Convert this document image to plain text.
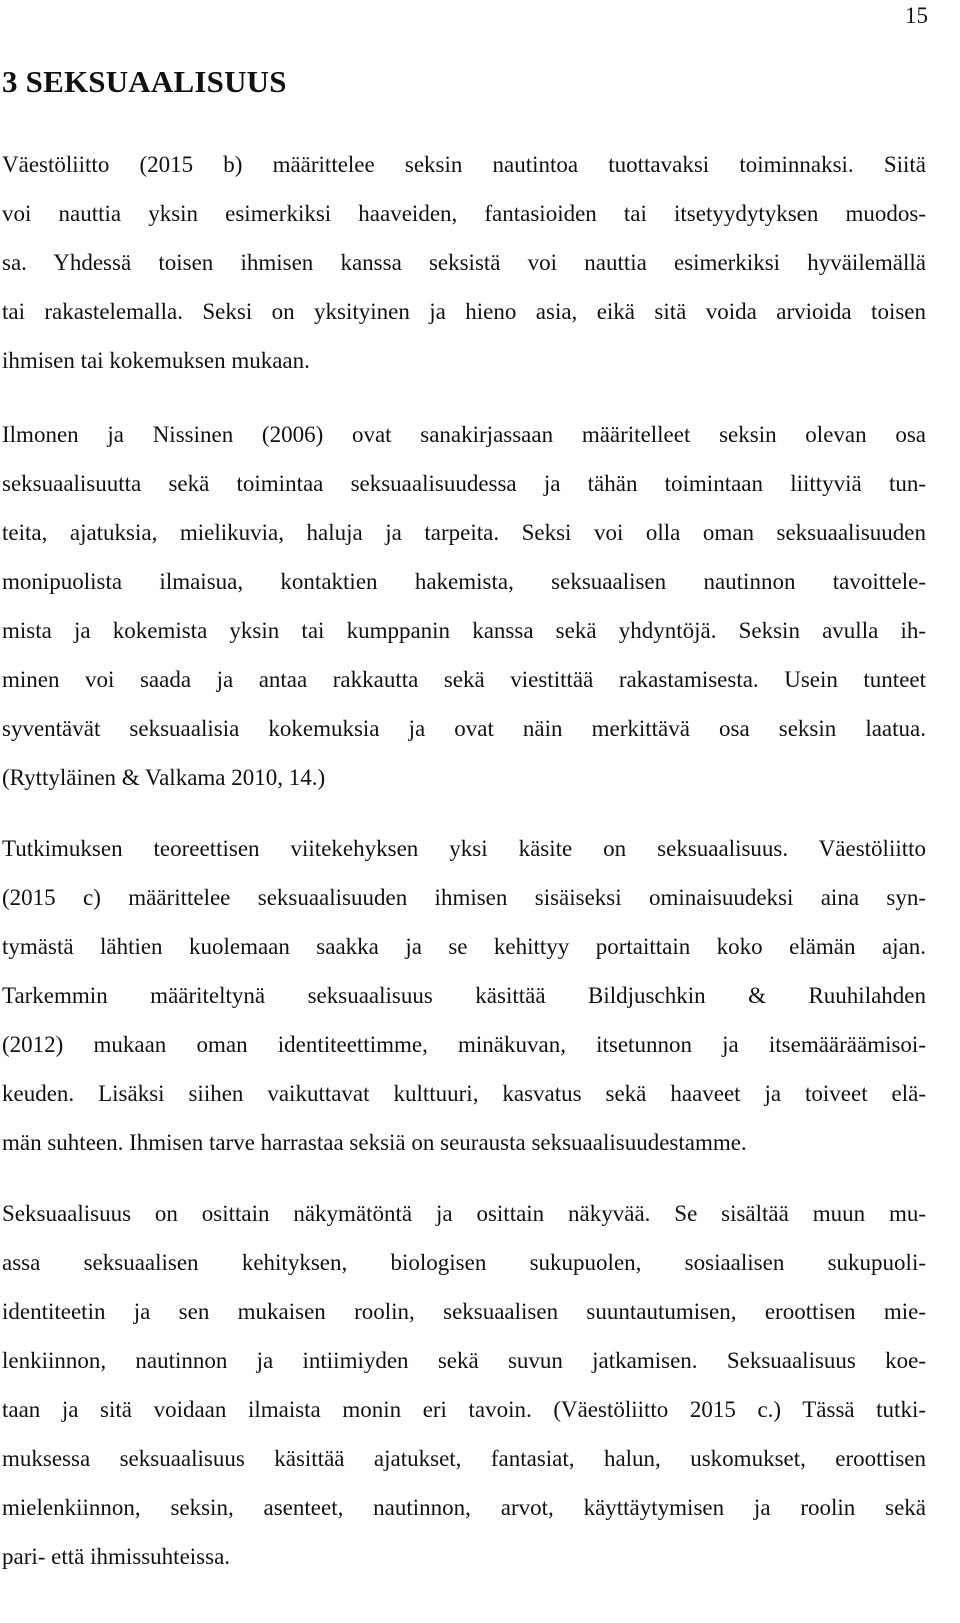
15
3 SEKSUAALISUUS
Väestöliitto (2015 b) määrittelee seksin nautintoa tuottavaksi toiminnaksi. Siitä
voi nauttia yksin esimerkiksi haaveiden, fantasioiden tai itsetyydytyksen muodos-
sa. Yhdessä toisen ihmisen kanssa seksistä voi nauttia esimerkiksi hyväilemällä
tai rakastelemalla. Seksi on yksityinen ja hieno asia, eikä sitä voida arvioida toisen
ihmisen tai kokemuksen mukaan.
Ilmonen ja Nissinen (2006) ovat sanakirjassaan määritelleet seksin olevan osa
seksuaalisuutta sekä toimintaa seksuaalisuudessa ja tähän toimintaan liittyviä tun-
teita, ajatuksia, mielikuvia, haluja ja tarpeita. Seksi voi olla oman seksuaalisuuden
monipuolista ilmaisua, kontaktien hakemista, seksuaalisen nautinnon tavoittele-
mista ja kokemista yksin tai kumppanin kanssa sekä yhdyntöjä. Seksin avulla ih-
minen voi saada ja antaa rakkautta sekä viestittää rakastamisesta. Usein tunteet
syventävät seksuaalisia kokemuksia ja ovat näin merkittävä osa seksin laatua.
(Ryttyläinen & Valkama 2010, 14.)
Tutkimuksen teoreettisen viitekehyksen yksi käsite on seksuaalisuus. Väestöliitto
(2015 c) määrittelee seksuaalisuuden ihmisen sisäiseksi ominaisuudeksi aina syn-
tymästä lähtien kuolemaan saakka ja se kehittyy portaittain koko elämän ajan.
Tarkemmin määriteltynä seksuaalisuus käsittää Bildjuschkin & Ruuhilahden
(2012) mukaan oman identiteettimme, minäkuvan, itsetunnon ja itsemääräämisoi-
keuden. Lisäksi siihen vaikuttavat kulttuuri, kasvatus sekä haaveet ja toiveet elä-
män suhteen. Ihmisen tarve harrastaa seksiä on seurausta seksuaalisuudestamme.
Seksuaalisuus on osittain näkymätöntä ja osittain näkyvää. Se sisältää muun mu-
assa seksuaalisen kehityksen, biologisen sukupuolen, sosiaalisen sukupuoli-
identiteetin ja sen mukaisen roolin, seksuaalisen suuntautumisen, eroottisen mie-
lenkiinnon, nautinnon ja intiimiyden sekä suvun jatkamisen. Seksuaalisuus koe-
taan ja sitä voidaan ilmaista monin eri tavoin. (Väestöliitto 2015 c.) Tässä tutki-
muksessa seksuaalisuus käsittää ajatukset, fantasiat, halun, uskomukset, eroottisen
mielenkiinnon, seksin, asenteet, nautinnon, arvot, käyttäytymisen ja roolin sekä
pari- että ihmissuhteissa.
